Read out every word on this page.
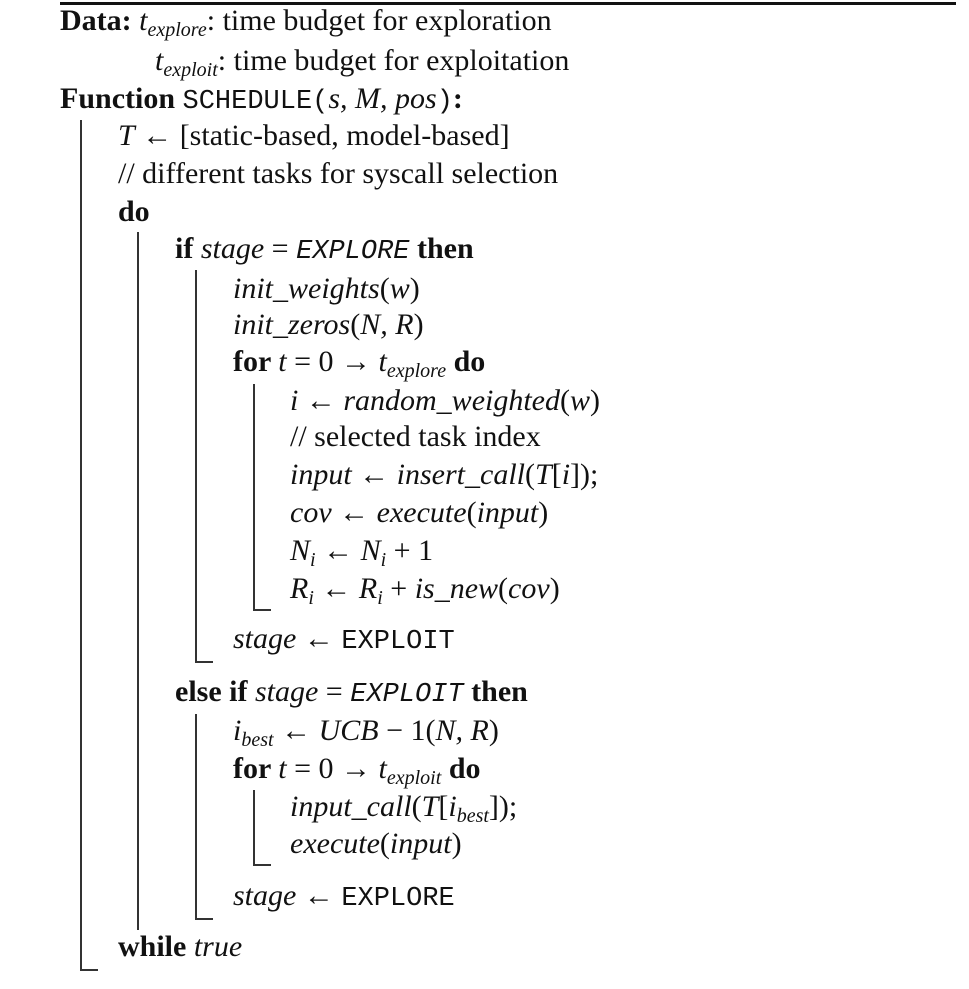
Data: $t_{explore}$: time budget for exploration
$t_{exploit}$: time budget for exploitation
Function SCHEDULE(s, M, pos):
T ← [static-based, model-based]
// different tasks for syscall selection
do
if stage = EXPLORE then
init_weights(w)
init_zeros(N, R)
for $t = 0 \to t_{explore}$ do
i ← random_weighted(w)
// selected task index
input ← insert_call(T[i]);
cov ← execute(input)
$N_i$ ← $N_i + 1$
$R_i$ ← $R_i$ + is_new(cov)
stage ← EXPLOIT
else if stage = EXPLOIT then
$i_{best}$ ← UCB − 1(N, R)
for $t = 0 \to t_{exploit}$ do
$input\_call(T[i_{best}])$;
execute(input)
stage ← EXPLORE
while true
